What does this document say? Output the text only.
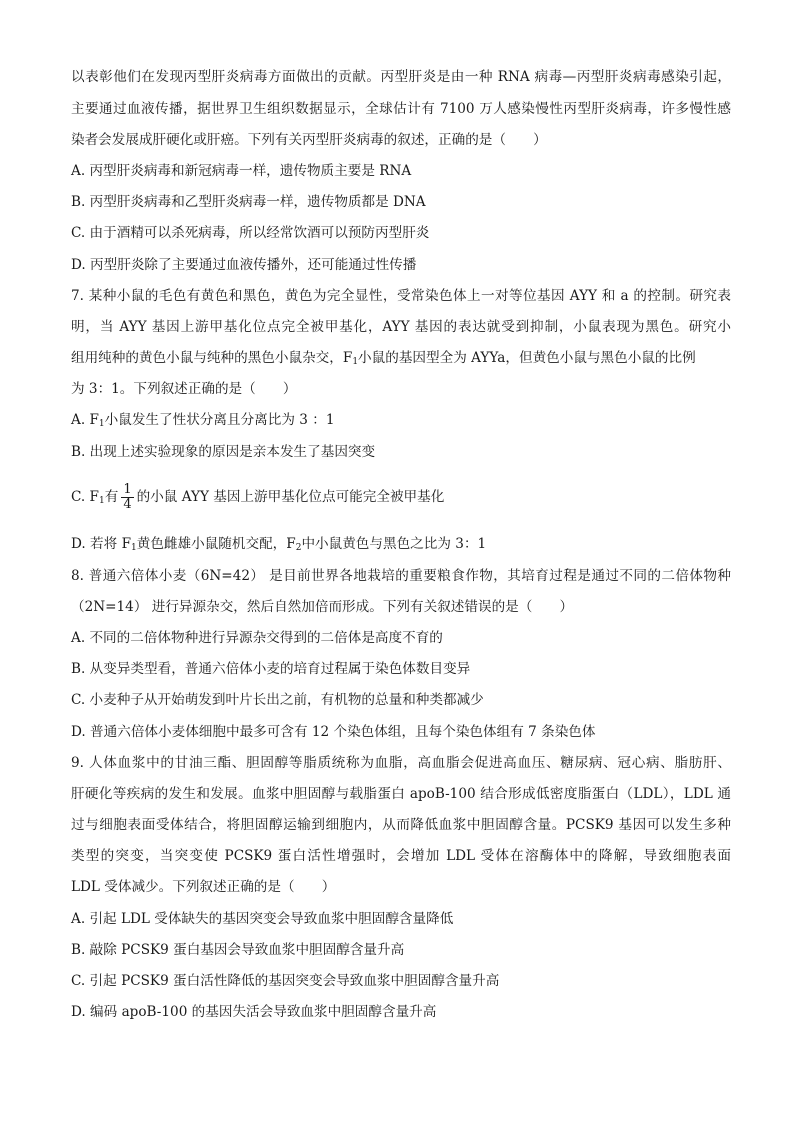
以表彰他们在发现丙型肝炎病毒方面做出的贡献。丙型肝炎是由一种 RNA 病毒—丙型肝炎病毒感染引起，
主要通过血液传播，据世界卫生组织数据显示，全球估计有 7100 万人感染慢性丙型肝炎病毒，许多慢性感
染者会发展成肝硬化或肝癌。下列有关丙型肝炎病毒的叙述，正确的是（　　）
A. 丙型肝炎病毒和新冠病毒一样，遗传物质主要是 RNA
B. 丙型肝炎病毒和乙型肝炎病毒一样，遗传物质都是 DNA
C. 由于酒精可以杀死病毒，所以经常饮酒可以预防丙型肝炎
D. 丙型肝炎除了主要通过血液传播外，还可能通过性传播
7. 某种小鼠的毛色有黄色和黑色，黄色为完全显性，受常染色体上一对等位基因 AYY 和 a 的控制。研究表
明，当 AYY 基因上游甲基化位点完全被甲基化，AYY 基因的表达就受到抑制，小鼠表现为黑色。研究小
组用纯种的黄色小鼠与纯种的黑色小鼠杂交，$F_1$小鼠的基因型全为 AYYa，但黄色小鼠与黑色小鼠的比例
为 3：1。下列叙述正确的是（　　）
A. $F_1$小鼠发生了性状分离且分离比为 3 ：1
B. 出现上述实验现象的原因是亲本发生了基因突变
C. $F_1$有 $\frac{1}{4}$ 的小鼠 AYY 基因上游甲基化位点可能完全被甲基化
D. 若将 $F_1$黄色雌雄小鼠随机交配，$F_2$中小鼠黄色与黑色之比为 3：1
8. 普通六倍体小麦（6N=42） 是目前世界各地栽培的重要粮食作物，其培育过程是通过不同的二倍体物种
（2N=14） 进行异源杂交，然后自然加倍而形成。下列有关叙述错误的是（　　）
A. 不同的二倍体物种进行异源杂交得到的二倍体是高度不育的
B. 从变异类型看，普通六倍体小麦的培育过程属于染色体数目变异
C. 小麦种子从开始萌发到叶片长出之前，有机物的总量和种类都减少
D. 普通六倍体小麦体细胞中最多可含有 12 个染色体组，且每个染色体组有 7 条染色体
9. 人体血浆中的甘油三酯、胆固醇等脂质统称为血脂，高血脂会促进高血压、糖尿病、冠心病、脂肪肝、
肝硬化等疾病的发生和发展。血浆中胆固醇与载脂蛋白 apoB-100 结合形成低密度脂蛋白（LDL），LDL 通
过与细胞表面受体结合，将胆固醇运输到细胞内，从而降低血浆中胆固醇含量。PCSK9 基因可以发生多种
类型的突变，当突变使 PCSK9 蛋白活性增强时，会增加 LDL 受体在溶酶体中的降解，导致细胞表面
LDL 受体减少。下列叙述正确的是（　　）
A. 引起 LDL 受体缺失的基因突变会导致血浆中胆固醇含量降低
B. 敲除 PCSK9 蛋白基因会导致血浆中胆固醇含量升高
C. 引起 PCSK9 蛋白活性降低的基因突变会导致血浆中胆固醇含量升高
D. 编码 apoB-100 的基因失活会导致血浆中胆固醇含量升高
